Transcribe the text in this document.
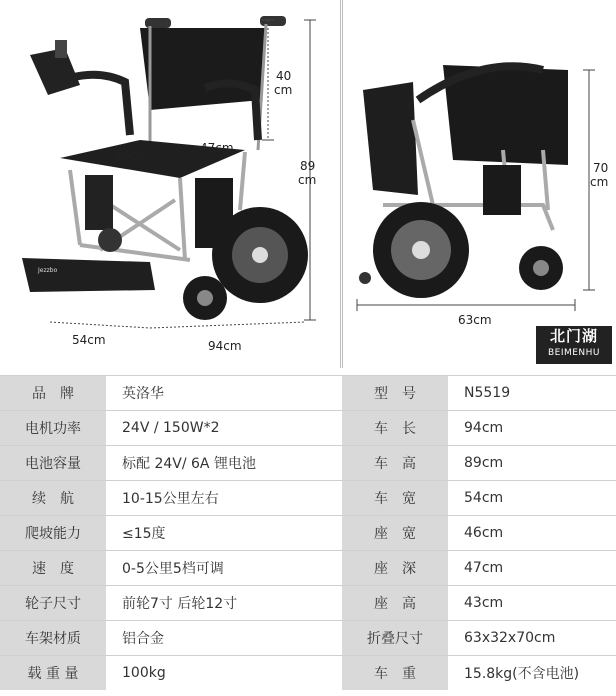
Jezzbo
40
cm
89
cm
46cm
47cm
54cm	94cm
70
cm
63cm
北门湖
BEIMENHU
品　牌	英洛华		型　号	N5519
电机功率	24V / 150W*2		车　长	94cm
电池容量	标配 24V/ 6A 锂电池		车　高	89cm
续　航	10-15公里左右		车　宽	54cm
爬坡能力	≤15度		座　宽	46cm
速　度	0-5公里5档可调		座　深	47cm
轮子尺寸	前轮7寸 后轮12寸		座　高	43cm
车架材质	铝合金		折叠尺寸	63x32x70cm
载 重 量	100kg		车　重	15.8kg(不含电池)
